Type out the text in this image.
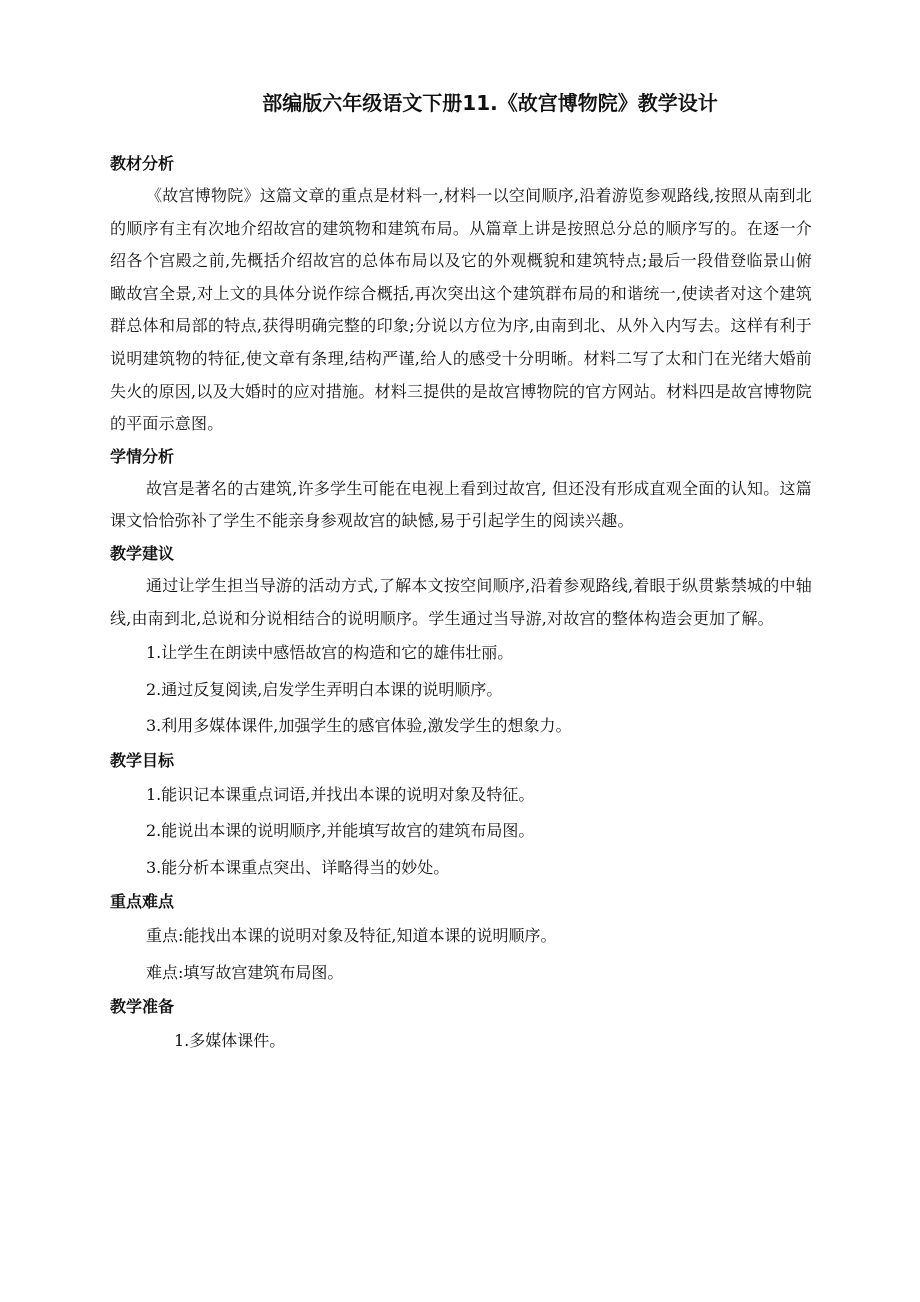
部编版六年级语文下册11.《故宫博物院》教学设计

教材分析

《故宫博物院》这篇文章的重点是材料一,材料一以空间顺序,沿着游览参观路线,按照从南到北的顺序有主有次地介绍故宫的建筑物和建筑布局。从篇章上讲是按照总分总的顺序写的。在逐一介绍各个宫殿之前,先概括介绍故宫的总体布局以及它的外观概貌和建筑特点;最后一段借登临景山俯瞰故宫全景,对上文的具体分说作综合概括,再次突出这个建筑群布局的和谐统一,使读者对这个建筑群总体和局部的特点,获得明确完整的印象;分说以方位为序,由南到北、从外入内写去。这样有利于说明建筑物的特征,使文章有条理,结构严谨,给人的感受十分明晰。材料二写了太和门在光绪大婚前失火的原因,以及大婚时的应对措施。材料三提供的是故宫博物院的官方网站。材料四是故宫博物院的平面示意图。

学情分析

故宫是著名的古建筑,许多学生可能在电视上看到过故宫, 但还没有形成直观全面的认知。这篇课文恰恰弥补了学生不能亲身参观故宫的缺憾,易于引起学生的阅读兴趣。

教学建议

通过让学生担当导游的活动方式,了解本文按空间顺序,沿着参观路线,着眼于纵贯紫禁城的中轴线,由南到北,总说和分说相结合的说明顺序。学生通过当导游,对故宫的整体构造会更加了解。

1.让学生在朗读中感悟故宫的构造和它的雄伟壮丽。

2.通过反复阅读,启发学生弄明白本课的说明顺序。

3.利用多媒体课件,加强学生的感官体验,激发学生的想象力。

教学目标

1.能识记本课重点词语,并找出本课的说明对象及特征。

2.能说出本课的说明顺序,并能填写故宫的建筑布局图。

3.能分析本课重点突出、详略得当的妙处。

重点难点

重点:能找出本课的说明对象及特征,知道本课的说明顺序。

难点:填写故宫建筑布局图。

教学准备

1.多媒体课件。
